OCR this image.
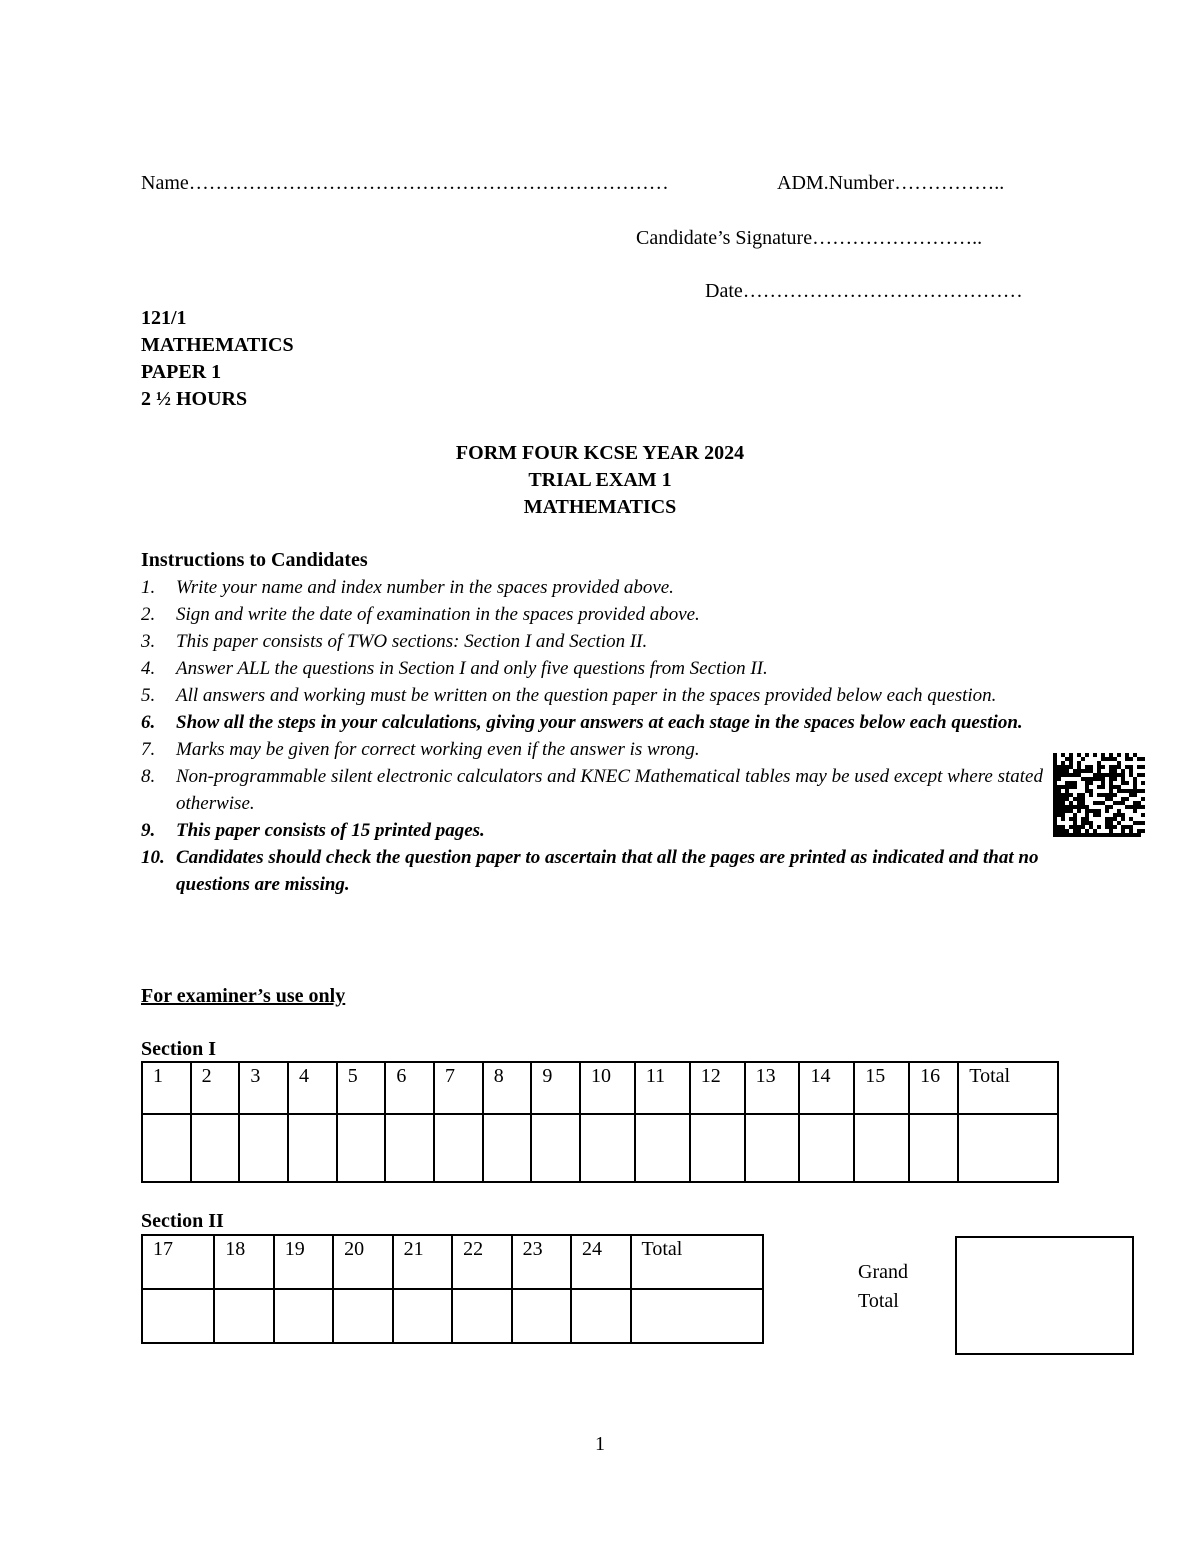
Name………………………………………………………………	ADM.Number……………..
Candidate’s Signature……………………..
Date……………………………………
121/1
MATHEMATICS
PAPER 1
2 ½ HOURS
FORM FOUR KCSE YEAR 2024
TRIAL EXAM 1
MATHEMATICS
Instructions to Candidates
1.	Write your name and index number in the spaces provided above.
2.	Sign and write the date of examination in the spaces provided above.
3.	This paper consists of TWO sections: Section I and Section II.
4.	Answer ALL the questions in Section I and only five questions from Section II.
5.	All answers and working must be written on the question paper in the spaces provided below each question.
6.	Show all the steps in your calculations, giving your answers at each stage in the spaces below each question.
7.	Marks may be given for correct working even if the answer is wrong.
8.	Non-programmable silent electronic calculators and KNEC Mathematical tables may be used except where stated otherwise.
9.	This paper consists of 15 printed pages.
10. Candidates should check the question paper to ascertain that all the pages are printed as indicated and that no questions are missing.
For examiner’s use only
Section I
1	2	3	4	5	6	7	8	9	10	11	12	13	14	15	16	Total

Section II
17	18	19	20	21	22	23	24	Total

Grand
Total
1
